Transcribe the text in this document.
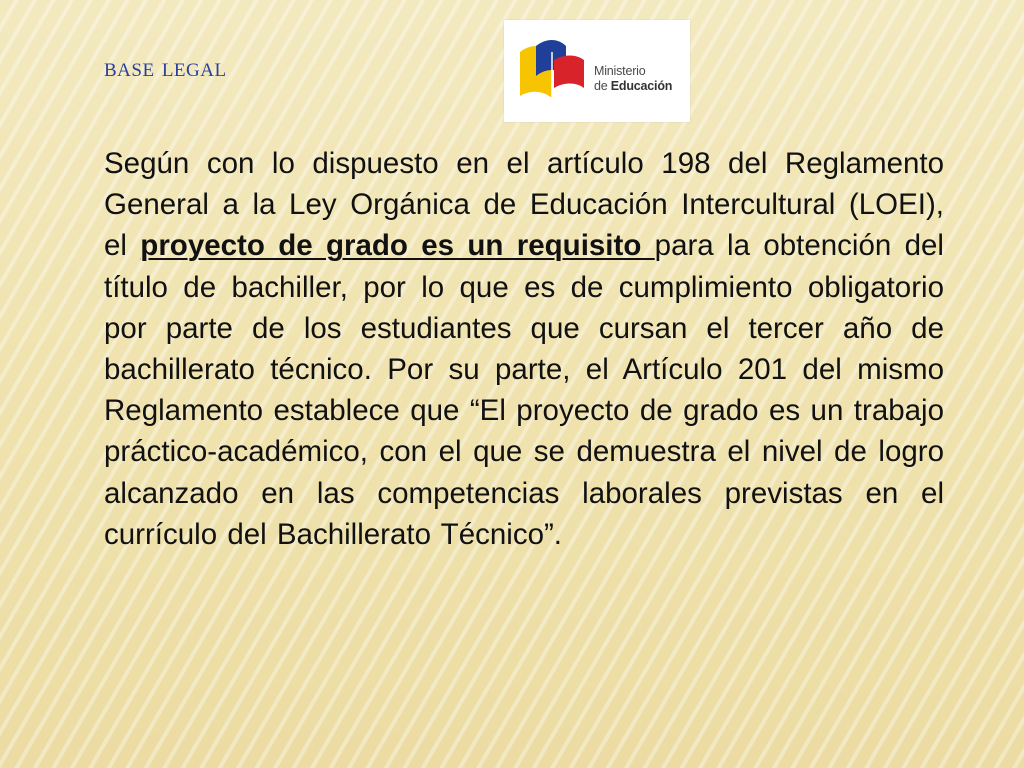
BASE LEGAL	Ministerio
de Educación

Según con lo dispuesto en el artículo 198 del Reglamento General a la Ley Orgánica de Educación Intercultural (LOEI), el proyecto de grado es un requisito para la obtención del título de bachiller, por lo que es de cumplimiento obligatorio por parte de los estudiantes que cursan el tercer año de bachillerato técnico. Por su parte, el Artículo 201 del mismo Reglamento establece que “El proyecto de grado es un trabajo práctico-académico, con el que se demuestra el nivel de logro alcanzado en las competencias laborales previstas en el currículo del Bachillerato Técnico”.
